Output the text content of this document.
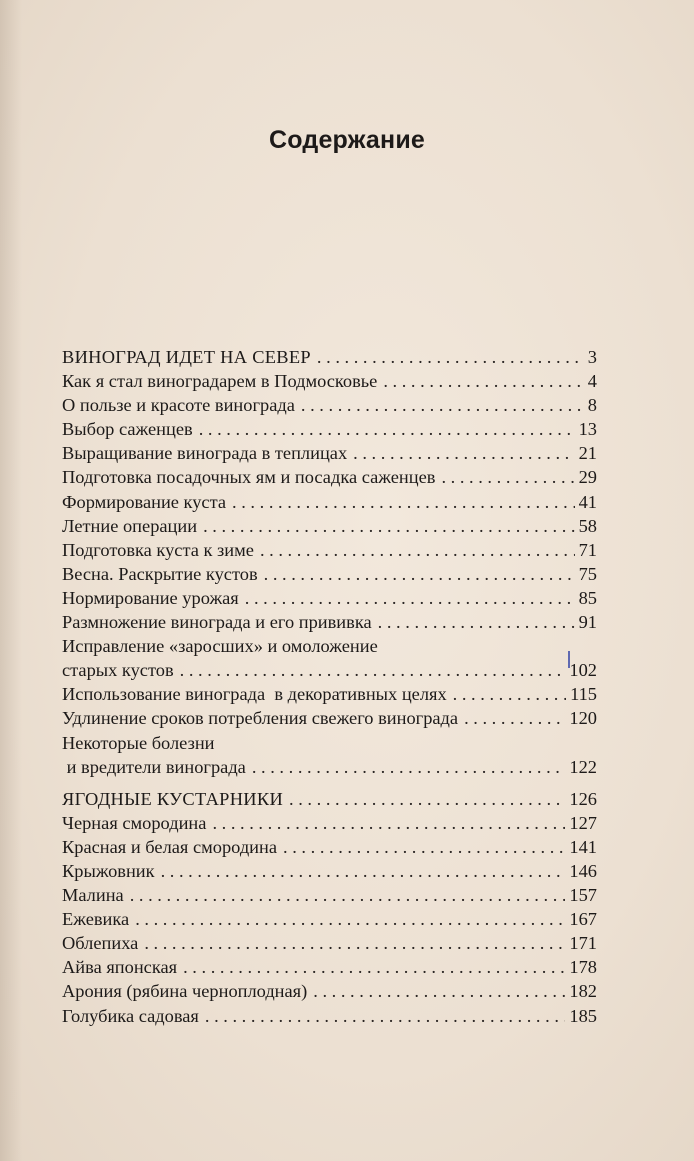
Содержание
ВИНОГРАД ИДЕТ НА СЕВЕР . . .	3
Как я стал виноградарем в Подмосковье . . .	4
О пользе и красоте винограда . . .	8
Выбор саженцев . . .	13
Выращивание винограда в теплицах . . .	21
Подготовка посадочных ям и посадка саженцев . . .	29
Формирование куста . . .	41
Летние операции . . .	58
Подготовка куста к зиме . . .	71
Весна. Раскрытие кустов . . .	75
Нормирование урожая . . .	85
Размножение винограда и его прививка . . .	91
Исправление «заросших» и омоложение
старых кустов . . .	102
Использование винограда  в декоративных целях . . .	115
Удлинение сроков потребления свежего винограда . . .	120
Некоторые болезни
и вредители винограда . . .	122
ЯГОДНЫЕ КУСТАРНИКИ . . .	126
Черная смородина . . .	127
Красная и белая смородина . . .	141
Крыжовник . . .	146
Малина . . .	157
Ежевика . . .	167
Облепиха . . .	171
Айва японская . . .	178
Арония (рябина черноплодная) . . .	182
Голубика садовая . . .	185
